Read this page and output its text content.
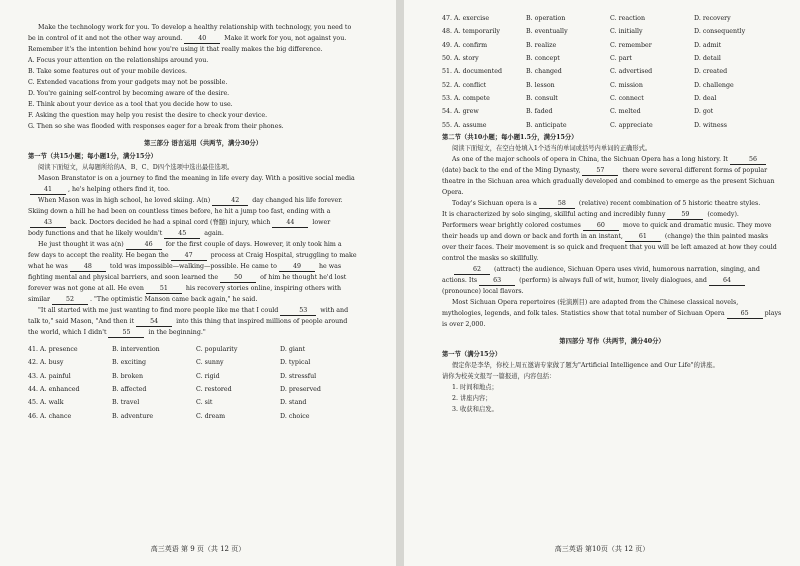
Make the technology work for you. To develop a healthy relationship with technology, you need to

be in control of it and not the other way around.	40	Make it work for you, not against you.

Remember it's the intention behind how you're using it that really makes the big difference.

A. Focus your attention on the relationships around you.

B. Take some features out of your mobile devices.

C. Extended vacations from your gadgets may not be possible.

D. You're gaining self-control by becoming aware of the desire.

E. Think about your device as a tool that you decide how to use.

F. Asking the question may help you resist the desire to check your device.

G. Then so she was flooded with responses eager for a break from their phones.

第三部分 语言运用（共两节，满分30分）

第一节（共15小题；每小题1分，满分15分）

阅读下面短文，从每题所给的A、B、C、D四个选项中选出最佳选项。

Mason Branstator is on a journey to find the meaning in life every day. With a positive social media

41	, he's helping others find it, too.

When Mason was in high school, he loved skiing. A(n)	42 day changed his life forever.

Skiing down a hill he had been on countless times before, he hit a jump too fast, ending with a

43	back. Doctors decided he had a spinal cord (脊髓) injury, which	44	lower

body functions and that he likely wouldn't	45	again.

He just thought it was a(n)	46 for the first couple of days. However, it only took him a

few days to accept the reality. He began the	47	process at Craig Hospital, struggling to make

what he was	48	told was impossible—walking—possible. He came to	49	he was

fighting mental and physical barriers, and soon learned the	50	of him he thought he'd lost

forever was not gone at all. He even	51	his recovery stories online, inspiring others with

similar	52	. "The optimistic Manson came back again," he said.

"It all started with me just wanting to find more people like me that I could	53 with and

talk to," said Mason, "And then it	54	into this thing that inspired millions of people around

the world, which I didn't	55	in the beginning."

41. A. presence	B. intervention	C. popularity	D. giant
42. A. busy	B. exciting	C. sunny	D. typical
43. A. painful	B. broken	C. rigid	D. stressful
44. A. enhanced	B. affected	C. restored	D. preserved
45. A. walk	B. travel	C. sit	D. stand
46. A. chance	B. adventure	C. dream	D. choice
高三英语 第 9 页（共 12 页）
47. A. exercise	B. operation	C. reaction	D. recovery
48. A. temporarily	B. eventually	C. initially	D. consequently
49. A. confirm	B. realize	C. remember	D. admit
50. A. story	B. concept	C. part	D. detail
51. A. documented	B. changed	C. advertised	D. created
52. A. conflict	B. lesson	C. mission	D. challenge
53. A. compete	B. consult	C. connect	D. deal
54. A. grew	B. faded	C. melted	D. got
55. A. assume	B. anticipate	C. appreciate	D. witness

第二节（共10小题；每小题1.5分，满分15分）

阅读下面短文，在空白处填入1个适当的单词或括号内单词的正确形式。

As one of the major schools of opera in China, the Sichuan Opera has a long history. It	56

(date) back to the end of the Ming Dynasty,	57	there were several different forms of popular

theatre in the Sichuan area which gradually developed and combined to emerge as the present Sichuan

Opera.

Today's Sichuan opera is a	58 (relative) recent combination of 5 historic theatre styles.

It is characterized by solo singing, skillful acting and incredibly funny	59	(comedy).

Performers wear brightly colored costumes	60	move to quick and dramatic music. They move

their heads up and down or back and forth in an instant,	61	(change) the thin painted masks

over their faces. Their movement is so quick and frequent that you will be left amazed at how they could

control the masks so skillfully.

62 (attract) the audience, Sichuan Opera uses vivid, humorous narration, singing, and

actions. Its	63	(perform) is always full of wit, humor, lively dialogues, and	64

(pronounce) local flavors.

Most Sichuan Opera repertoires (轮演剧目) are adapted from the Chinese classical novels,

mythologies, legends, and folk tales. Statistics show that total number of Sichuan Opera	65	plays is over 2,000.

第四部分 写作（共两节，满分40分）

第一节（满分15分）

假定你是李华，你校上周五邀请专家做了题为"Artificial Intelligence and Our Life"的讲座。

请你为校英文报写一篇报道，内容包括：

1. 时间和地点；

2. 讲座内容；

3. 收获和启发。

高三英语 第10页（共 12 页）
